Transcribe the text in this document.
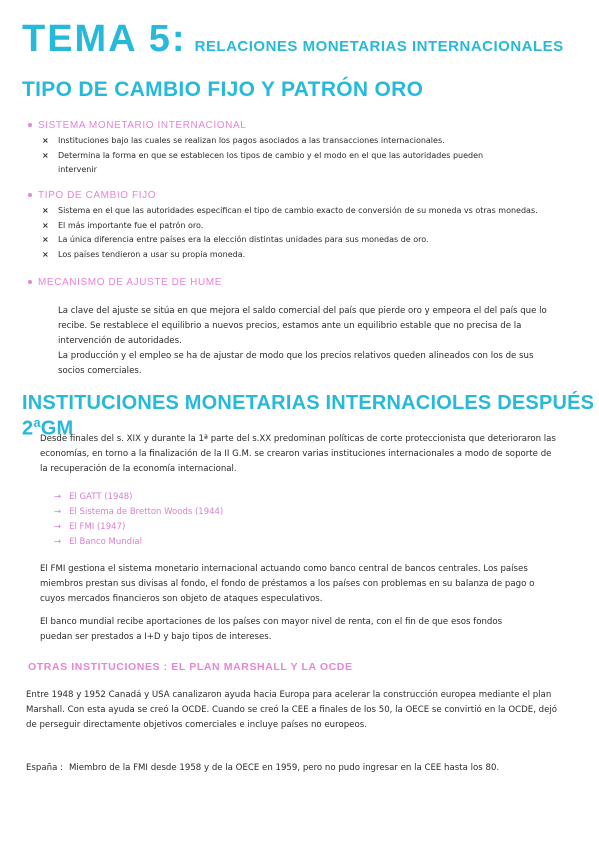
TEMA 5: RELACIONES MONETARIAS INTERNACIONALES
TIPO DE CAMBIO FIJO Y PATRÓN ORO
SISTEMA MONETARIO INTERNACIONAL
× Instituciones bajo las cuales se realizan los pagos asociados a las transacciones internacionales.
× Determina la forma en que se establecen los tipos de cambio y el modo en el que las autoridades pueden intervenir
TIPO DE CAMBIO FIJO
× Sistema en el que las autoridades especifican el tipo de cambio exacto de conversión de su moneda vs otras monedas.
× El más importante fue el patrón oro.
× La única diferencia entre países era la elección distintas unidades para sus monedas de oro.
× Los países tendieron a usar su propia moneda.
MECANISMO DE AJUSTE DE HUME
La clave del ajuste se sitúa en que mejora el saldo comercial del país que pierde oro y empeora el del país que lo recibe. Se restablece el equilibrio a nuevos precios, estamos ante un equilibrio estable que no precisa de la intervención de autoridades.
La producción y el empleo se ha de ajustar de modo que los precios relativos queden alineados con los de sus socios comerciales.
INSTITUCIONES MONETARIAS INTERNACIOLES DESPUÉS 2$^a$GM
Desde finales del s. XIX y durante la 1ª parte del s.XX predominan políticas de corte proteccionista que deterioraron las economías, en torno a la finalización de la II G.M. se crearon varias instituciones internacionales a modo de soporte de la recuperación de la economía internacional.
→ El GATT (1948)
→ El Sistema de Bretton Woods (1944)
→ El FMI (1947)
→ El Banco Mundial
El FMI gestiona el sistema monetario internacional actuando como banco central de bancos centrales. Los países miembros prestan sus divisas al fondo, el fondo de préstamos a los países con problemas en su balanza de pago o cuyos mercados financieros son objeto de ataques especulativos.
El banco mundial recibe aportaciones de los países con mayor nivel de renta, con el fin de que esos fondos puedan ser prestados a I+D y bajo tipos de intereses.
OTRAS INSTITUCIONES : EL PLAN MARSHALL Y LA OCDE
Entre 1948 y 1952 Canadá y USA canalizaron ayuda hacia Europa para acelerar la construcción europea mediante el plan Marshall. Con esta ayuda se creó la OCDE. Cuando se creó la CEE a finales de los 50, la OECE se convirtió en la OCDE, dejó de perseguir directamente objetivos comerciales e incluye países no europeos.
España : Miembro de la FMI desde 1958 y de la OECE en 1959, pero no pudo ingresar en la CEE hasta los 80.
